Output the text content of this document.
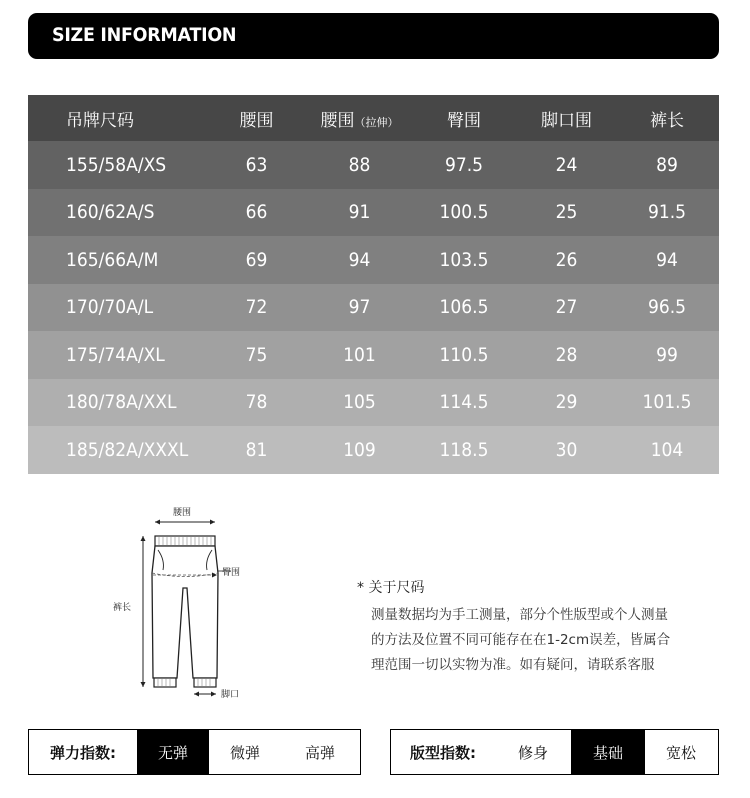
SIZE INFORMATION
吊牌尺码	腰围	腰围（拉伸）	臀围	脚口围	裤长
155/58A/XS	63	88	97.5	24	89
160/62A/S	66	91	100.5	25	91.5
165/66A/M	69	94	103.5	26	94
170/70A/L	72	97	106.5	27	96.5
175/74A/XL	75	101	110.5	28	99
180/78A/XXL	78	105	114.5	29	101.5
185/82A/XXXL	81	109	118.5	30	104
腰围
臀围
脚口
裤长
* 关于尺码
测量数据均为手工测量，部分个性版型或个人测量
的方法及位置不同可能存在在1-2cm误差，皆属合
理范围一切以实物为准。如有疑问，请联系客服
弹力指数:	无弹	微弹	高弹	版型指数:	修身	基础	宽松
